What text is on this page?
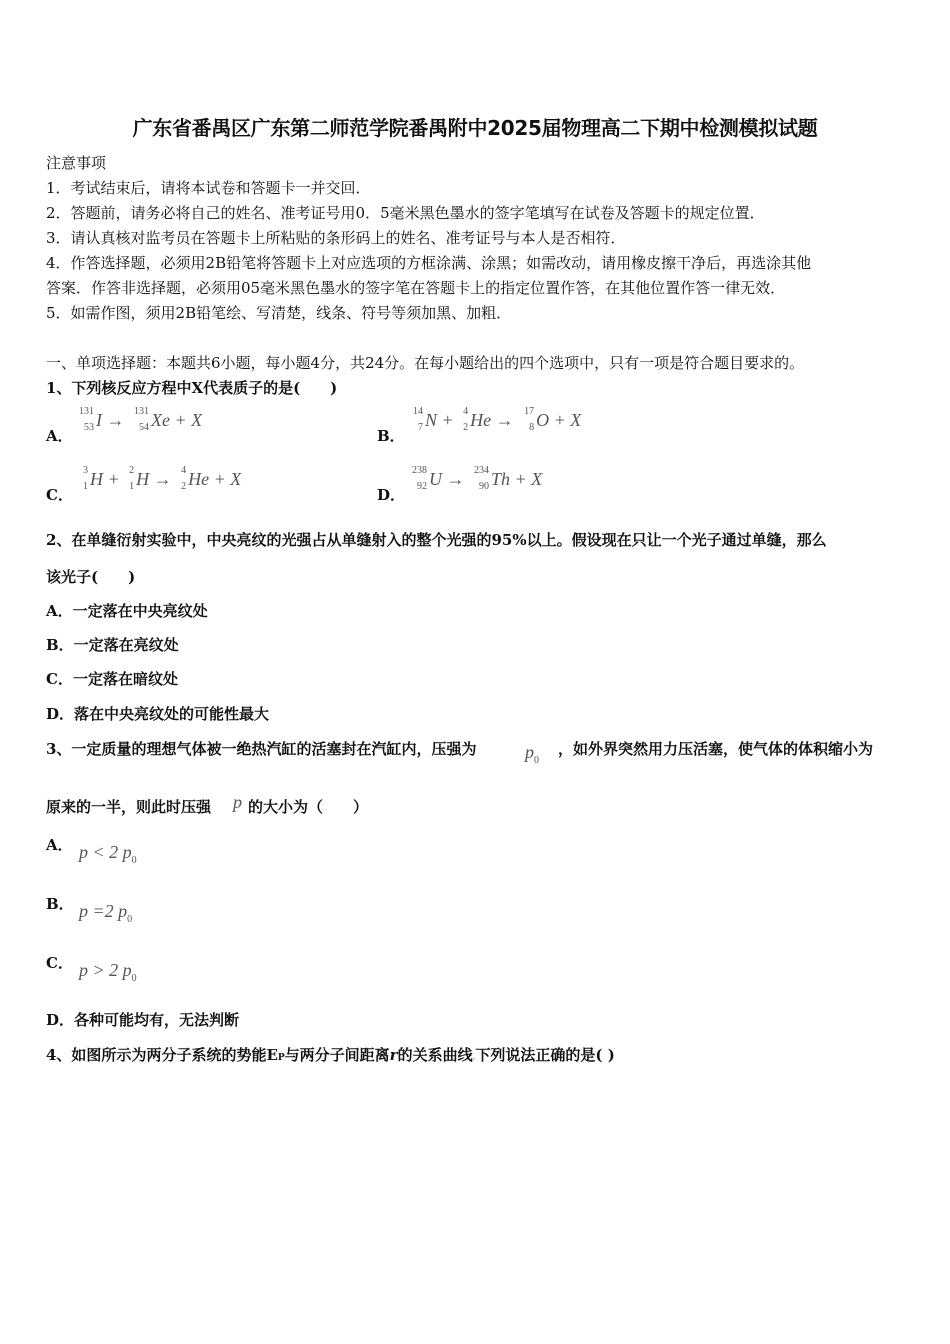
广东省番禺区广东第二师范学院番禺附中2025届物理高二下期中检测模拟试题
注意事项
1．考试结束后，请将本试卷和答题卡一并交回．
2．答题前，请务必将自己的姓名、准考证号用0．5毫米黑色墨水的签字笔填写在试卷及答题卡的规定位置．
3．请认真核对监考员在答题卡上所粘贴的条形码上的姓名、准考证号与本人是否相符．
4．作答选择题，必须用2B铅笔将答题卡上对应选项的方框涂满、涂黑；如需改动，请用橡皮擦干净后，再选涂其他
答案．作答非选择题，必须用05毫米黑色墨水的签字笔在答题卡上的指定位置作答，在其他位置作答一律无效．
5．如需作图，须用2B铅笔绘、写清楚，线条、符号等须加黑、加粗．
一、单项选择题：本题共6小题，每小题4分，共24分。在每小题给出的四个选项中，只有一项是符合题目要求的。
1、下列核反应方程中X代表质子的是(　　)
A．
131
53 I → 131
54 Xe + X
B．
14
7 N + 4
2 He → 17
8 O + X
C．
3
1 H + 2
1 H → 4
2 He + X
D．
238
92 U → 234
90 Th + X
2、在单缝衍射实验中，中央亮纹的光强占从单缝射入的整个光强的95%以上。假设现在只让一个光子通过单缝，那么
该光子(　　)
A．一定落在中央亮纹处
B．一定落在亮纹处
C．一定落在暗纹处
D．落在中央亮纹处的可能性最大
3、一定质量的理想气体被一绝热汽缸的活塞封在汽缸内，压强为	$p_0$
，如外界突然用力压活塞，使气体的体积缩小为
原来的一半，则此时压强 p 的大小为（　　）
A． p < 2 $p_0$
B． p =2 $p_0$
C． p > 2 $p_0$
D．各种可能均有，无法判断
4、如图所示为两分子系统的势能EP与两分子间距离r的关系曲线.下列说法正确的是( )
